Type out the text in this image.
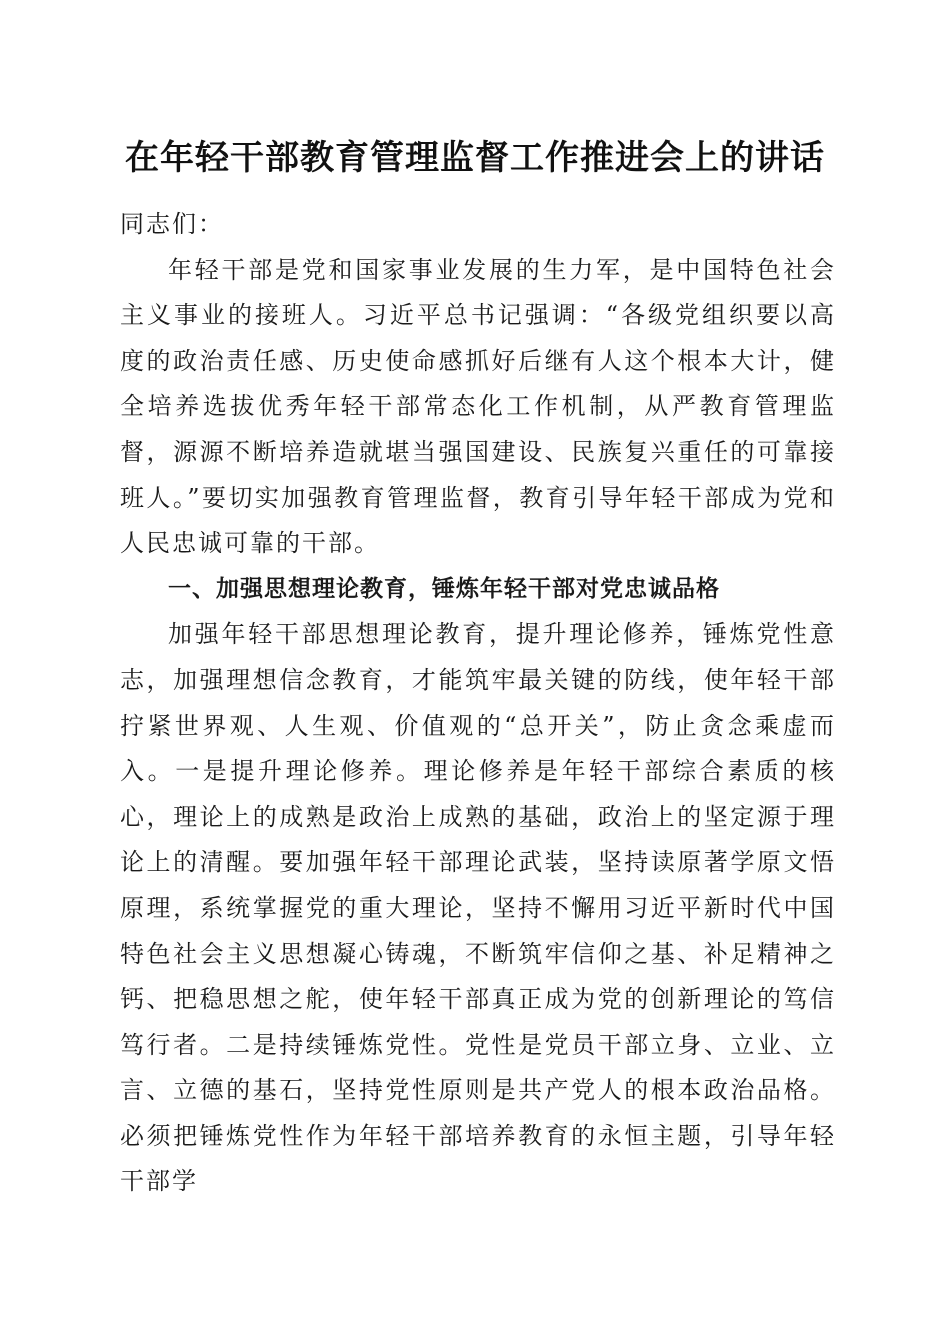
在年轻干部教育管理监督工作推进会上的讲话

同志们：

年轻干部是党和国家事业发展的生力军，是中国特色社会主义事业的接班人。习近平总书记强调：“各级党组织要以高度的政治责任感、历史使命感抓好后继有人这个根本大计，健全培养选拔优秀年轻干部常态化工作机制，从严教育管理监督，源源不断培养造就堪当强国建设、民族复兴重任的可靠接班人。”要切实加强教育管理监督，教育引导年轻干部成为党和人民忠诚可靠的干部。

一、加强思想理论教育，锤炼年轻干部对党忠诚品格

加强年轻干部思想理论教育，提升理论修养，锤炼党性意志，加强理想信念教育，才能筑牢最关键的防线，使年轻干部拧紧世界观、人生观、价值观的“总开关”，防止贪念乘虚而入。一是提升理论修养。理论修养是年轻干部综合素质的核心，理论上的成熟是政治上成熟的基础，政治上的坚定源于理论上的清醒。要加强年轻干部理论武装，坚持读原著学原文悟原理，系统掌握党的重大理论，坚持不懈用习近平新时代中国特色社会主义思想凝心铸魂，不断筑牢信仰之基、补足精神之钙、把稳思想之舵，使年轻干部真正成为党的创新理论的笃信笃行者。二是持续锤炼党性。党性是党员干部立身、立业、立言、立德的基石，坚持党性原则是共产党人的根本政治品格。必须把锤炼党性作为年轻干部培养教育的永恒主题，引导年轻干部学
